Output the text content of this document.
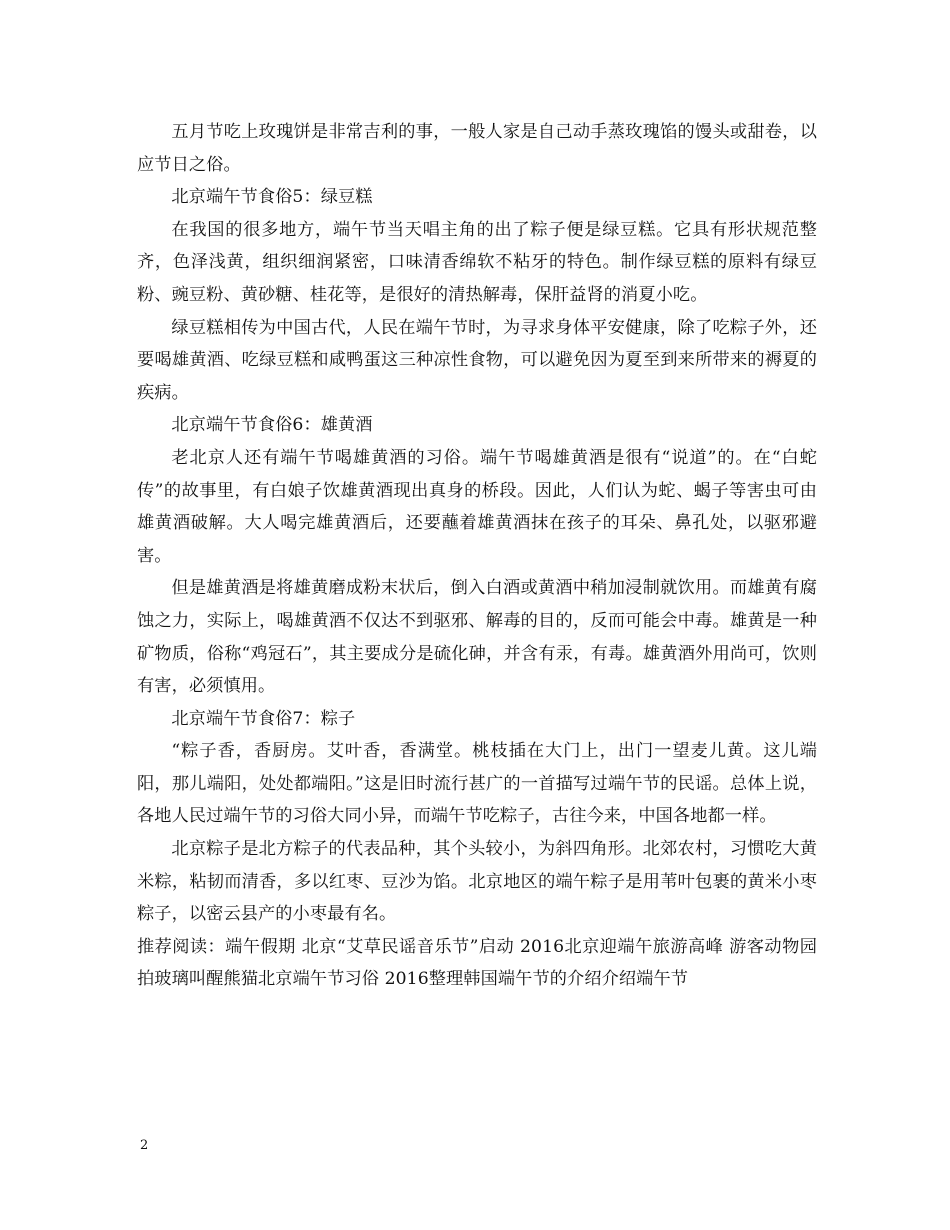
五月节吃上玫瑰饼是非常吉利的事，一般人家是自己动手蒸玫瑰馅的馒头或甜卷，以应节日之俗。

北京端午节食俗5：绿豆糕

在我国的很多地方，端午节当天唱主角的出了粽子便是绿豆糕。它具有形状规范整齐，色泽浅黄，组织细润紧密，口味清香绵软不粘牙的特色。制作绿豆糕的原料有绿豆粉、豌豆粉、黄砂糖、桂花等，是很好的清热解毒，保肝益肾的消夏小吃。

绿豆糕相传为中国古代，人民在端午节时，为寻求身体平安健康，除了吃粽子外，还要喝雄黄酒、吃绿豆糕和咸鸭蛋这三种凉性食物，可以避免因为夏至到来所带来的褥夏的疾病。

北京端午节食俗6：雄黄酒

老北京人还有端午节喝雄黄酒的习俗。端午节喝雄黄酒是很有“说道”的。在“白蛇传”的故事里，有白娘子饮雄黄酒现出真身的桥段。因此，人们认为蛇、蝎子等害虫可由雄黄酒破解。大人喝完雄黄酒后，还要蘸着雄黄酒抹在孩子的耳朵、鼻孔处，以驱邪避害。

但是雄黄酒是将雄黄磨成粉末状后，倒入白酒或黄酒中稍加浸制就饮用。而雄黄有腐蚀之力，实际上，喝雄黄酒不仅达不到驱邪、解毒的目的，反而可能会中毒。雄黄是一种矿物质，俗称“鸡冠石”，其主要成分是硫化砷，并含有汞，有毒。雄黄酒外用尚可，饮则有害，必须慎用。

北京端午节食俗7：粽子

“粽子香，香厨房。艾叶香，香满堂。桃枝插在大门上，出门一望麦儿黄。这儿端阳，那儿端阳，处处都端阳。”这是旧时流行甚广的一首描写过端午节的民谣。总体上说，各地人民过端午节的习俗大同小异，而端午节吃粽子，古往今来，中国各地都一样。

北京粽子是北方粽子的代表品种，其个头较小，为斜四角形。北郊农村，习惯吃大黄米粽，粘韧而清香，多以红枣、豆沙为馅。北京地区的端午粽子是用苇叶包裹的黄米小枣粽子，以密云县产的小枣最有名。

推荐阅读：端午假期 北京“艾草民谣音乐节”启动 2016北京迎端午旅游高峰 游客动物园拍玻璃叫醒熊猫北京端午节习俗 2016整理韩国端午节的介绍介绍端午节

2
